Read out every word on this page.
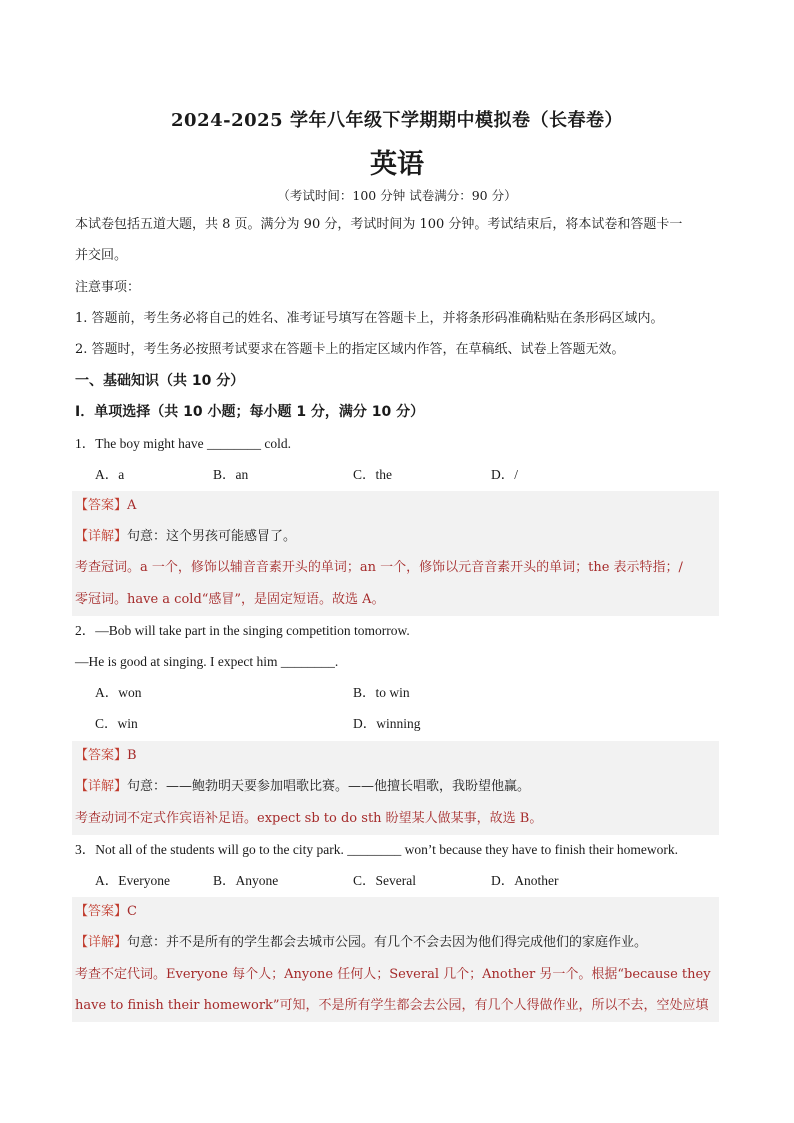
2024-2025 学年八年级下学期期中模拟卷（长春卷）
英语
（考试时间：100 分钟 试卷满分：90 分）
本试卷包括五道大题，共 8 页。满分为 90 分，考试时间为 100 分钟。考试结束后，将本试卷和答题卡一
并交回。
注意事项：
1. 答题前，考生务必将自己的姓名、准考证号填写在答题卡上，并将条形码准确粘贴在条形码区域内。
2. 答题时，考生务必按照考试要求在答题卡上的指定区域内作答，在草稿纸、试卷上答题无效。
一、基础知识（共 10 分）
Ⅰ．单项选择（共 10 小题；每小题 1 分，满分 10 分）
1．The boy might have ________ cold.
A．a	B．an	C．the	D．/
【答案】A
【详解】句意：这个男孩可能感冒了。
考查冠词。a 一个，修饰以辅音音素开头的单词；an 一个，修饰以元音音素开头的单词；the 表示特指；/
零冠词。have a cold“感冒”，是固定短语。故选 A。
2．—Bob will take part in the singing competition tomorrow.
—He is good at singing. I expect him ________.
A．won	B．to win
C．win	D．winning
【答案】B
【详解】句意：——鲍勃明天要参加唱歌比赛。——他擅长唱歌，我盼望他赢。
考查动词不定式作宾语补足语。expect sb to do sth 盼望某人做某事，故选 B。
3．Not all of the students will go to the city park. ________ won’t because they have to finish their homework.
A．Everyone	B．Anyone	C．Several	D．Another
【答案】C
【详解】句意：并不是所有的学生都会去城市公园。有几个不会去因为他们得完成他们的家庭作业。
考查不定代词。Everyone 每个人；Anyone 任何人；Several 几个；Another 另一个。根据“because they
have to finish their homework”可知，不是所有学生都会去公园，有几个人得做作业，所以不去，空处应填
